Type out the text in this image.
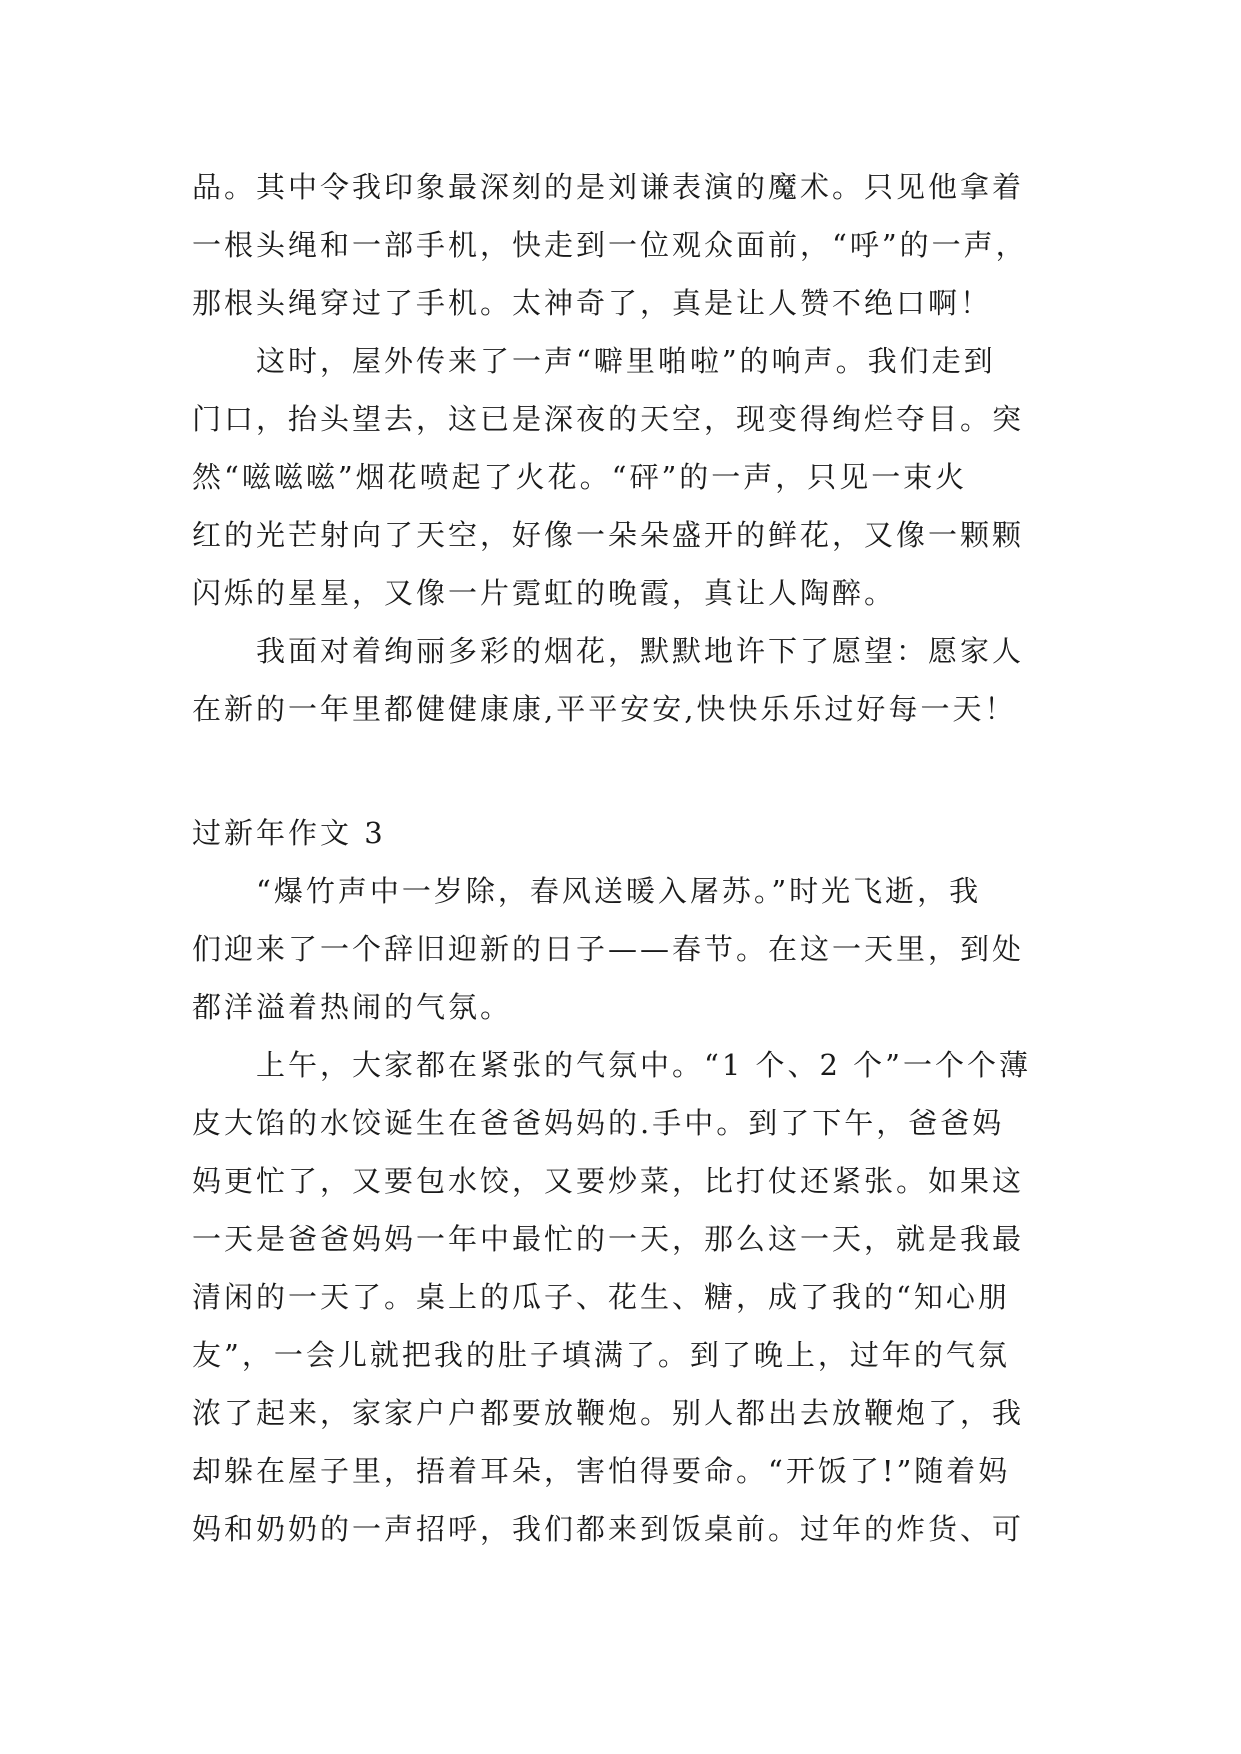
品。其中令我印象最深刻的是刘谦表演的魔术。只见他拿着
一根头绳和一部手机，快走到一位观众面前，“呼”的一声，
那根头绳穿过了手机。太神奇了，真是让人赞不绝口啊！
　　这时，屋外传来了一声“噼里啪啦”的响声。我们走到
门口，抬头望去，这已是深夜的天空，现变得绚烂夺目。突
然“嗞嗞嗞”烟花喷起了火花。“砰”的一声，只见一束火
红的光芒射向了天空，好像一朵朵盛开的鲜花，又像一颗颗
闪烁的星星，又像一片霓虹的晚霞，真让人陶醉。
　　我面对着绚丽多彩的烟花，默默地许下了愿望：愿家人
在新的一年里都健健康康,平平安安,快快乐乐过好每一天！
过新年作文 3
　　“爆竹声中一岁除，春风送暖入屠苏。”时光飞逝，我
们迎来了一个辞旧迎新的日子——春节。在这一天里，到处
都洋溢着热闹的气氛。
　　上午，大家都在紧张的气氛中。“1 个、2 个”一个个薄
皮大馅的水饺诞生在爸爸妈妈的.手中。到了下午，爸爸妈
妈更忙了，又要包水饺，又要炒菜，比打仗还紧张。如果这
一天是爸爸妈妈一年中最忙的一天，那么这一天，就是我最
清闲的一天了。桌上的瓜子、花生、糖，成了我的“知心朋
友”，一会儿就把我的肚子填满了。到了晚上，过年的气氛
浓了起来，家家户户都要放鞭炮。别人都出去放鞭炮了，我
却躲在屋子里，捂着耳朵，害怕得要命。“开饭了!”随着妈
妈和奶奶的一声招呼，我们都来到饭桌前。过年的炸货、可
